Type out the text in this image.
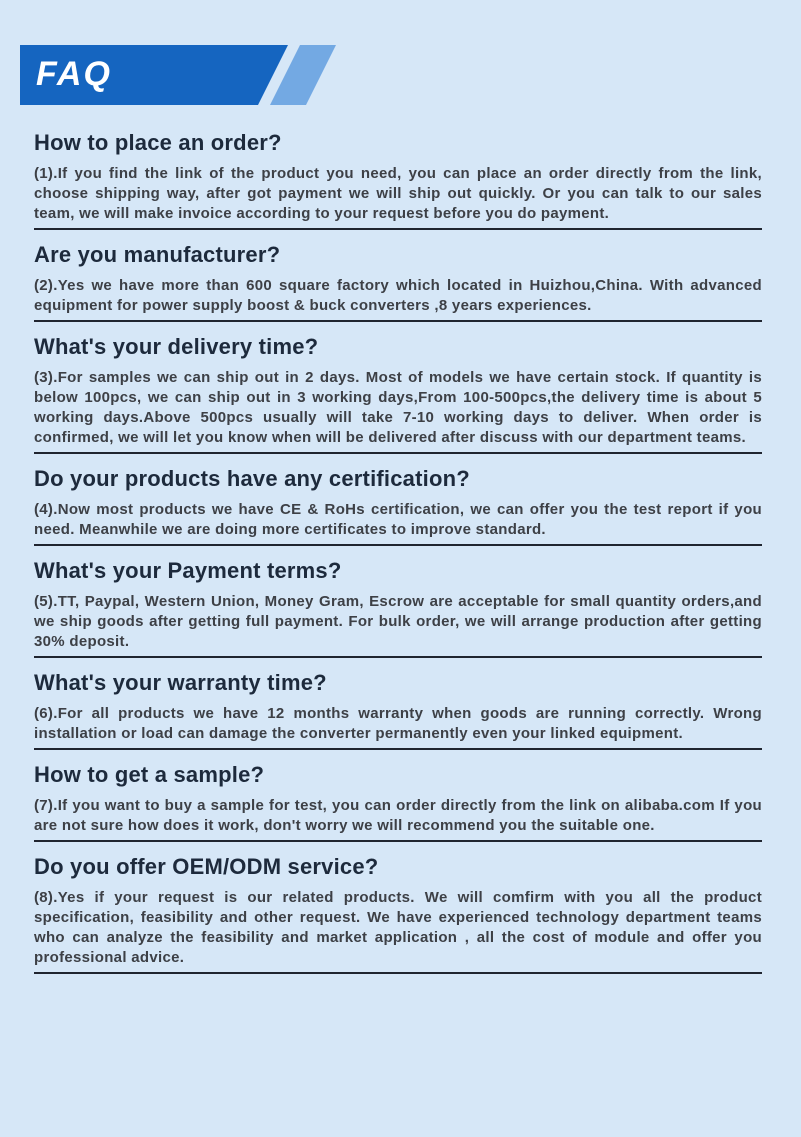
FAQ
How to place an order?

(1).If you find the link of the product you need, you can place an order directly from the link, choose shipping way, after got payment we will ship out quickly. Or you can talk to our sales team, we will make invoice according to your request before you do payment.

Are you manufacturer?

(2).Yes we have more than 600 square factory which located in Huizhou,China. With advanced equipment for power supply boost & buck converters ,8 years experiences.

What's your delivery time?

(3).For samples we can ship out in 2 days. Most of models we have certain stock. If quantity is below 100pcs, we can ship out in 3 working days,From 100-500pcs,the delivery time is about 5 working days.Above 500pcs usually will take 7-10 working days to deliver. When order is confirmed, we will let you know when will be delivered after discuss with our department teams.

Do your products have any certification?

(4).Now most products we have CE & RoHs certification, we can offer you the test report if you need. Meanwhile we are doing more certificates to improve standard.

What's your Payment terms?

(5).TT, Paypal, Western Union, Money Gram, Escrow are acceptable for small quantity orders,and we ship goods after getting full payment. For bulk order, we will arrange production after getting 30% deposit.

What's your warranty time?

(6).For all products we have 12 months warranty when goods are running correctly. Wrong installation or load can damage the converter permanently even your linked equipment.

How to get a sample?

(7).If you want to buy a sample for test, you can order directly from the link on alibaba.com If you are not sure how does it work, don't worry we will recommend you the suitable one.

Do you offer OEM/ODM service?

(8).Yes if your request is our related products. We will comfirm with you all the product specification, feasibility and other request. We have experienced technology department teams who can analyze the feasibility and market application , all the cost of module and offer you professional advice.
